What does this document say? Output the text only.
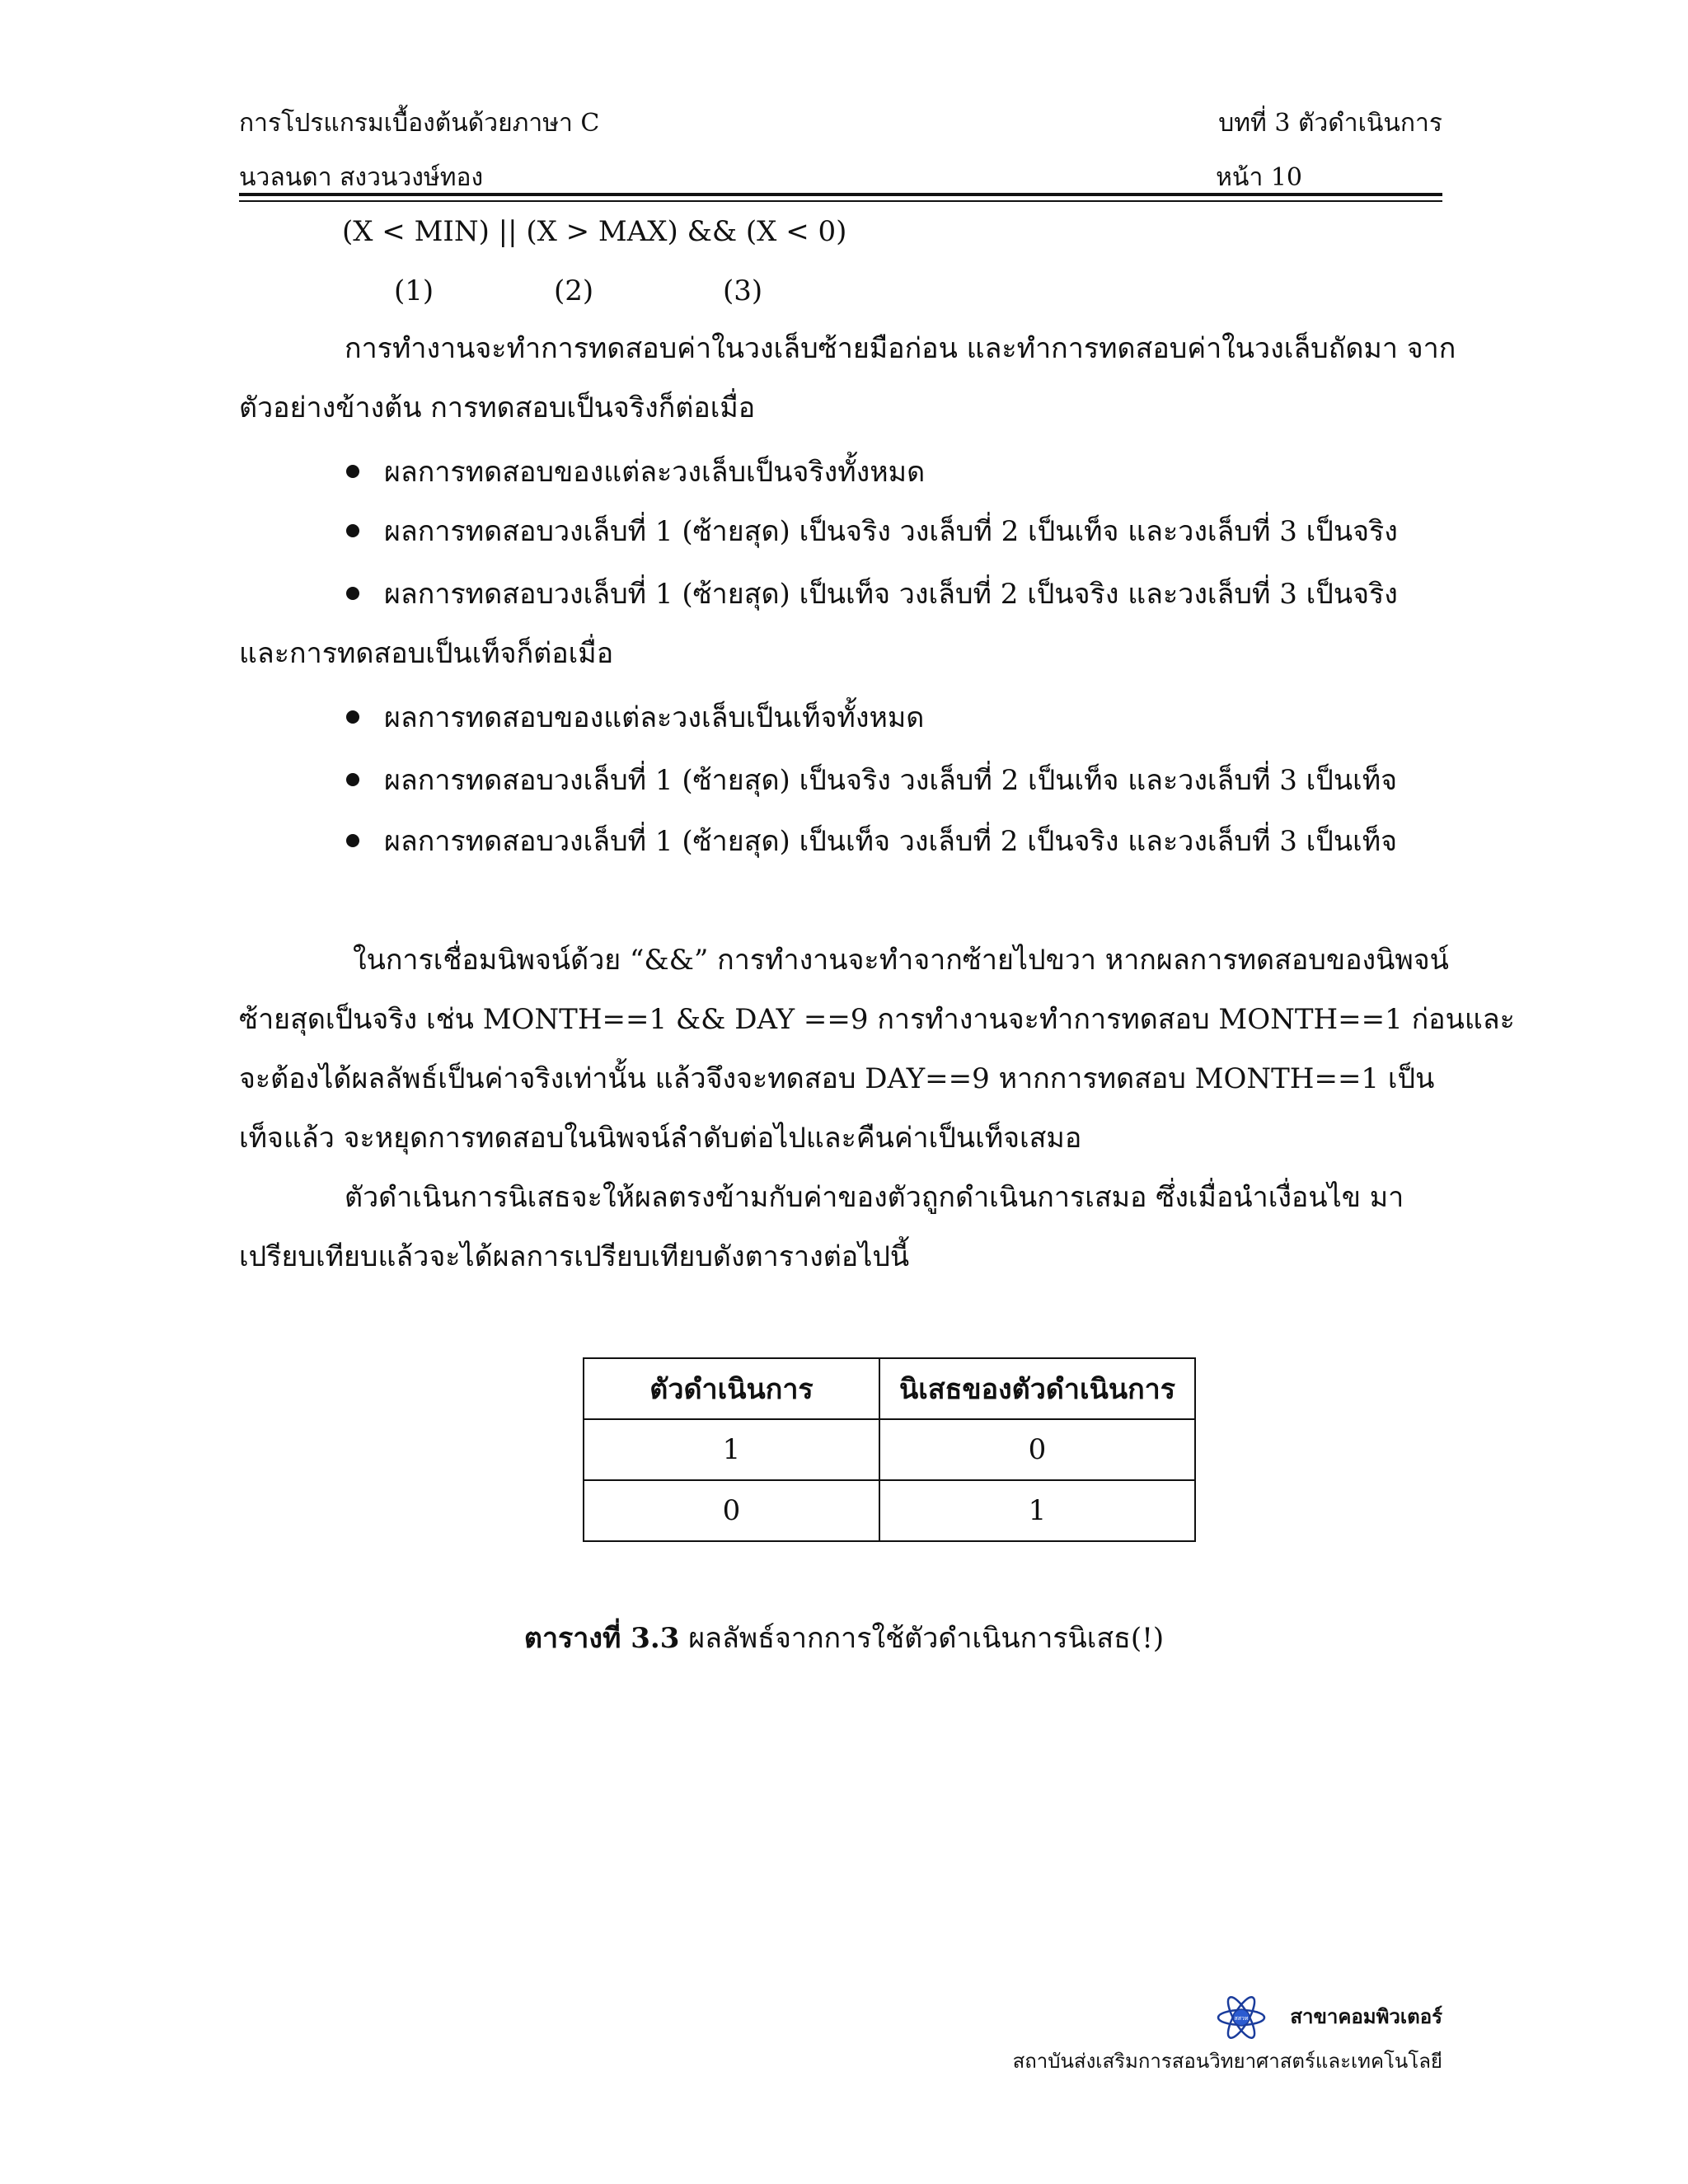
การโปรแกรมเบื้องต้นด้วยภาษา C	บทที่ 3 ตัวดำเนินการ
นวลนดา สงวนวงษ์ทอง	หน้า 10
(X < MIN) || (X > MAX) && (X < 0)
(1)	(2)	(3)
การทำงานจะทำการทดสอบค่าในวงเล็บซ้ายมือก่อน และทำการทดสอบค่าในวงเล็บถัดมา จาก
ตัวอย่างข้างต้น การทดสอบเป็นจริงก็ต่อเมื่อ
ผลการทดสอบของแต่ละวงเล็บเป็นจริงทั้งหมด
ผลการทดสอบวงเล็บที่ 1 (ซ้ายสุด) เป็นจริง วงเล็บที่ 2 เป็นเท็จ และวงเล็บที่ 3 เป็นจริง
ผลการทดสอบวงเล็บที่ 1 (ซ้ายสุด) เป็นเท็จ วงเล็บที่ 2 เป็นจริง และวงเล็บที่ 3 เป็นจริง
และการทดสอบเป็นเท็จก็ต่อเมื่อ
ผลการทดสอบของแต่ละวงเล็บเป็นเท็จทั้งหมด
ผลการทดสอบวงเล็บที่ 1 (ซ้ายสุด) เป็นจริง วงเล็บที่ 2 เป็นเท็จ และวงเล็บที่ 3 เป็นเท็จ
ผลการทดสอบวงเล็บที่ 1 (ซ้ายสุด) เป็นเท็จ วงเล็บที่ 2 เป็นจริง และวงเล็บที่ 3 เป็นเท็จ
ในการเชื่อมนิพจน์ด้วย “&&” การทำงานจะทำจากซ้ายไปขวา หากผลการทดสอบของนิพจน์
ซ้ายสุดเป็นจริง เช่น MONTH==1 && DAY ==9 การทำงานจะทำการทดสอบ MONTH==1 ก่อนและ
จะต้องได้ผลลัพธ์เป็นค่าจริงเท่านั้น แล้วจึงจะทดสอบ DAY==9 หากการทดสอบ MONTH==1 เป็น
เท็จแล้ว จะหยุดการทดสอบในนิพจน์ลำดับต่อไปและคืนค่าเป็นเท็จเสมอ
ตัวดำเนินการนิเสธจะให้ผลตรงข้ามกับค่าของตัวถูกดำเนินการเสมอ ซึ่งเมื่อนำเงื่อนไข มา
เปรียบเทียบแล้วจะได้ผลการเปรียบเทียบดังตารางต่อไปนี้
ตัวดำเนินการ	นิเสธของตัวดำเนินการ
1	0
0	1
ตารางที่ 3.3 ผลลัพธ์จากการใช้ตัวดำเนินการนิเสธ(!)
สสวท สาขาคอมพิวเตอร์
สถาบันส่งเสริมการสอนวิทยาศาสตร์และเทคโนโลยี
